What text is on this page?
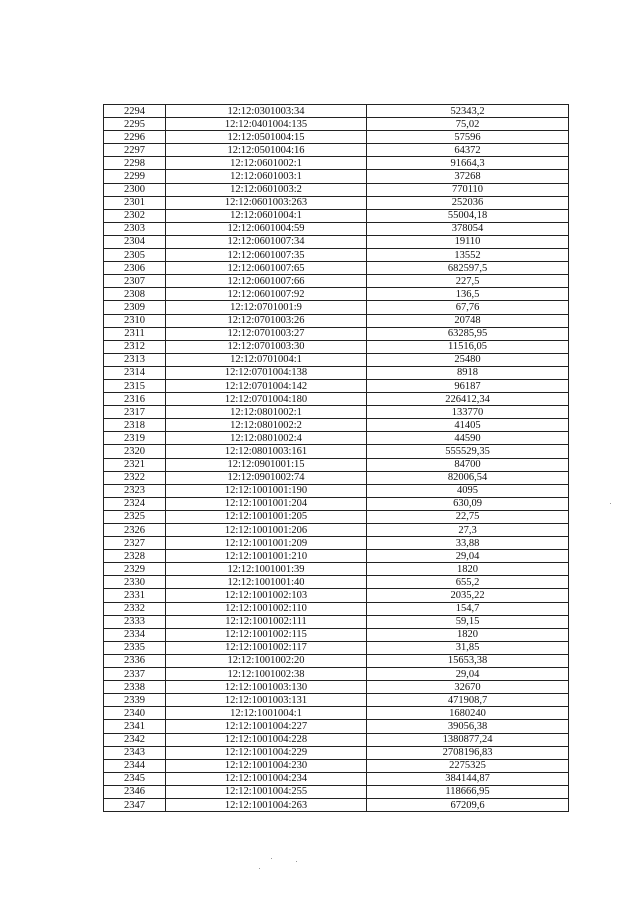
2294	12:12:0301003:34	52343,2
2295	12:12:0401004:135	75,02
2296	12:12:0501004:15	57596
2297	12:12:0501004:16	64372
2298	12:12:0601002:1	91664,3
2299	12:12:0601003:1	37268
2300	12:12:0601003:2	770110
2301	12:12:0601003:263	252036
2302	12:12:0601004:1	55004,18
2303	12:12:0601004:59	378054
2304	12:12:0601007:34	19110
2305	12:12:0601007:35	13552
2306	12:12:0601007:65	682597,5
2307	12:12:0601007:66	227,5
2308	12:12:0601007:92	136,5
2309	12:12:0701001:9	67,76
2310	12:12:0701003:26	20748
2311	12:12:0701003:27	63285,95
2312	12:12:0701003:30	11516,05
2313	12:12:0701004:1	25480
2314	12:12:0701004:138	8918
2315	12:12:0701004:142	96187
2316	12:12:0701004:180	226412,34
2317	12:12:0801002:1	133770
2318	12:12:0801002:2	41405
2319	12:12:0801002:4	44590
2320	12:12:0801003:161	555529,35
2321	12:12:0901001:15	84700
2322	12:12:0901002:74	82006,54
2323	12:12:1001001:190	4095
2324	12:12:1001001:204	630,09
2325	12:12:1001001:205	22,75
2326	12:12:1001001:206	27,3
2327	12:12:1001001:209	33,88
2328	12:12:1001001:210	29,04
2329	12:12:1001001:39	1820
2330	12:12:1001001:40	655,2
2331	12:12:1001002:103	2035,22
2332	12:12:1001002:110	154,7
2333	12:12:1001002:111	59,15
2334	12:12:1001002:115	1820
2335	12:12:1001002:117	31,85
2336	12:12:1001002:20	15653,38
2337	12:12:1001002:38	29,04
2338	12:12:1001003:130	32670
2339	12:12:1001003:131	471908,7
2340	12:12:1001004:1	1680240
2341	12:12:1001004:227	39056,38
2342	12:12:1001004:228	1380877,24
2343	12:12:1001004:229	2708196,83
2344	12:12:1001004:230	2275325
2345	12:12:1001004:234	384144,87
2346	12:12:1001004:255	118666,95
2347	12:12:1001004:263	67209,6
